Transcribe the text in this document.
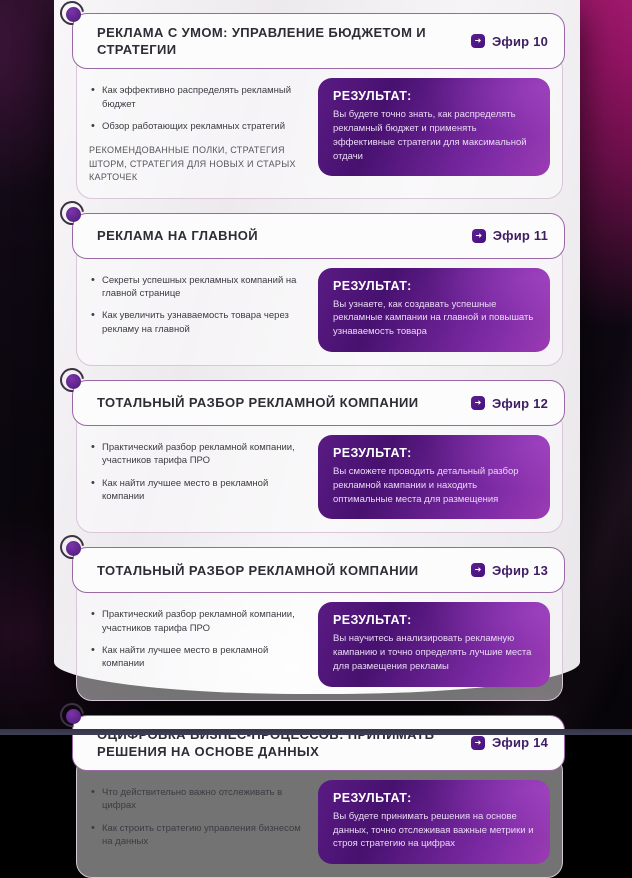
РЕКЛАМА С УМОМ: УПРАВЛЕНИЕ БЮДЖЕТОМ И СТРАТЕГИИ
➜ Эфир 10
• Как эффективно распределять рекламный бюджет
• Обзор работающих рекламных стратегий
РЕКОМЕНДОВАННЫЕ ПОЛКИ, СТРАТЕГИЯ ШТОРМ, СТРАТЕГИЯ ДЛЯ НОВЫХ И СТАРЫХ КАРТОЧЕК

РЕЗУЛЬТАТ:

Вы будете точно знать, как распределять рекламный бюджет и применять эффективные стратегии для максимальной отдачи

РЕКЛАМА НА ГЛАВНОЙ	➜ Эфир 11
• Секреты успешных рекламных компаний на главной странице
• Как увеличить узнаваемость товара через рекламу на главной

РЕЗУЛЬТАТ:

Вы узнаете, как создавать успешные рекламные кампании на главной и повышать узнаваемость товара

ТОТАЛЬНЫЙ РАЗБОР РЕКЛАМНОЙ КОМПАНИИ	➜ Эфир 12
• Практический разбор рекламной компании, участников тарифа ПРО
• Как найти лучшее место в рекламной компании

РЕЗУЛЬТАТ:

Вы сможете проводить детальный разбор рекламной кампании и находить оптимальные места для размещения

ТОТАЛЬНЫЙ РАЗБОР РЕКЛАМНОЙ КОМПАНИИ	➜ Эфир 13
• Практический разбор рекламной компании, участников тарифа ПРО
• Как найти лучшее место в рекламной компании

РЕЗУЛЬТАТ:

Вы научитесь анализировать рекламную кампанию и точно определять лучшие места для размещения рекламы

РЕШЕНИЯ НА ОСНОВЕ ДАННЫХ
➜ Эфир 14
• Что действительно важно отслеживать в цифрах
• Как строить стратегию управления бизнесом на данных

РЕЗУЛЬТАТ:

Вы будете принимать решения на основе данных, точно отслеживая важные метрики и строя стратегию на цифрах
